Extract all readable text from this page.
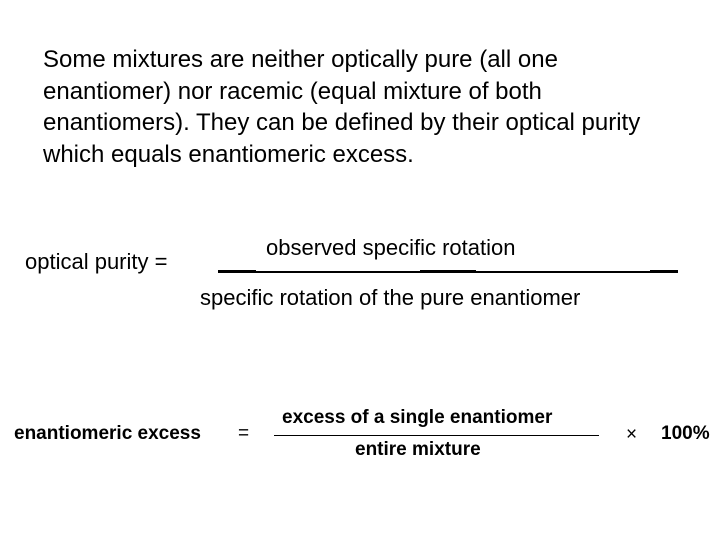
Some mixtures are neither optically pure (all one enantiomer) nor racemic (equal mixture of both enantiomers). They can be defined by their optical purity which equals enantiomeric excess.

optical purity =
observed specific rotation
specific rotation of the pure enantiomer
enantiomeric excess =
excess of a single enantiomer
entire mixture
× 100%
